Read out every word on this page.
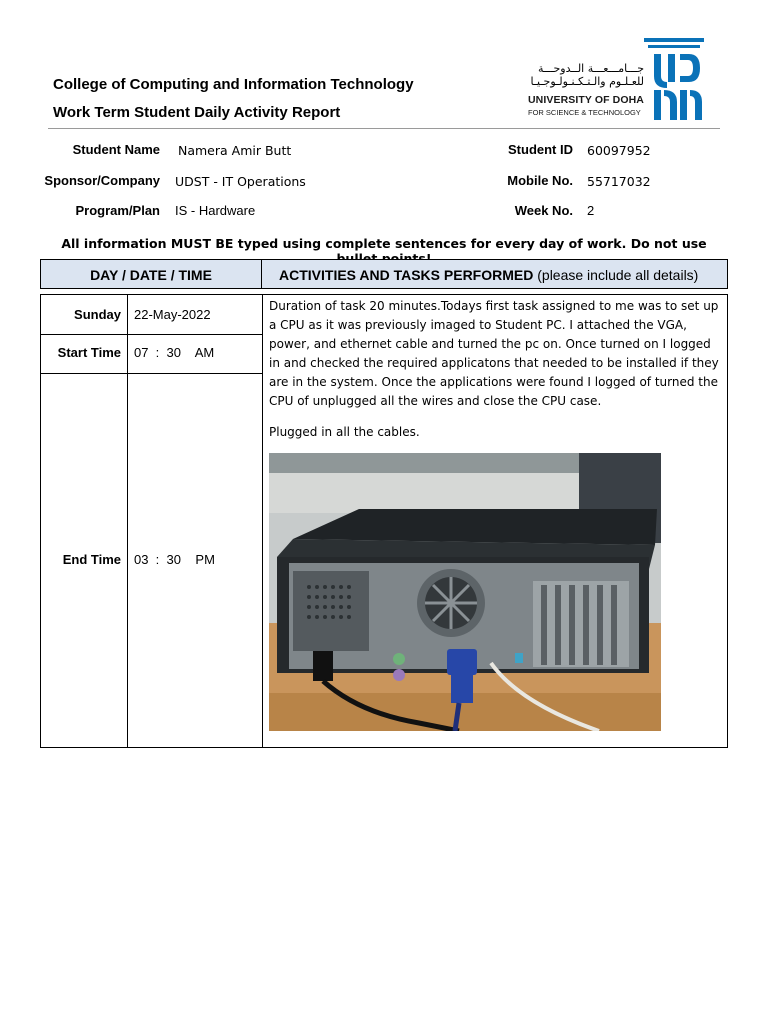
College of Computing and Information Technology
Work Term Student Daily Activity Report
جـــامـــعـــة الــدوحـــة
للعـلـوم والـتـكـنـولـوجـيـا
UNIVERSITY OF DOHA
FOR SCIENCE & TECHNOLOGY
Student Name Namera Amir Butt	Student ID 60097952
Sponsor/Company UDST - IT Operations	Mobile No. 55717032
Program/Plan IS - Hardware	Week No. 2
All information MUST BE typed using complete sentences for every day of work. Do not use
DAY / DATE / TIME	ACTIVITIES AND TASKS PERFORMED (please include all details)
Sunday 22-May-2022
Start Time 07  :  30    AM
End Time 03  :  30    PM

Duration of task 20 minutes.Todays first task assigned to me was to set up a CPU as it was previously imaged to Student PC. I attached the VGA, power, and ethernet cable and turned the pc on. Once turned on I logged in and checked the required applicatons that needed to be installed if they are in the system. Once the applications were found I logged of turned the CPU of unplugged all the wires and close the CPU case.

Plugged in all the cables.
